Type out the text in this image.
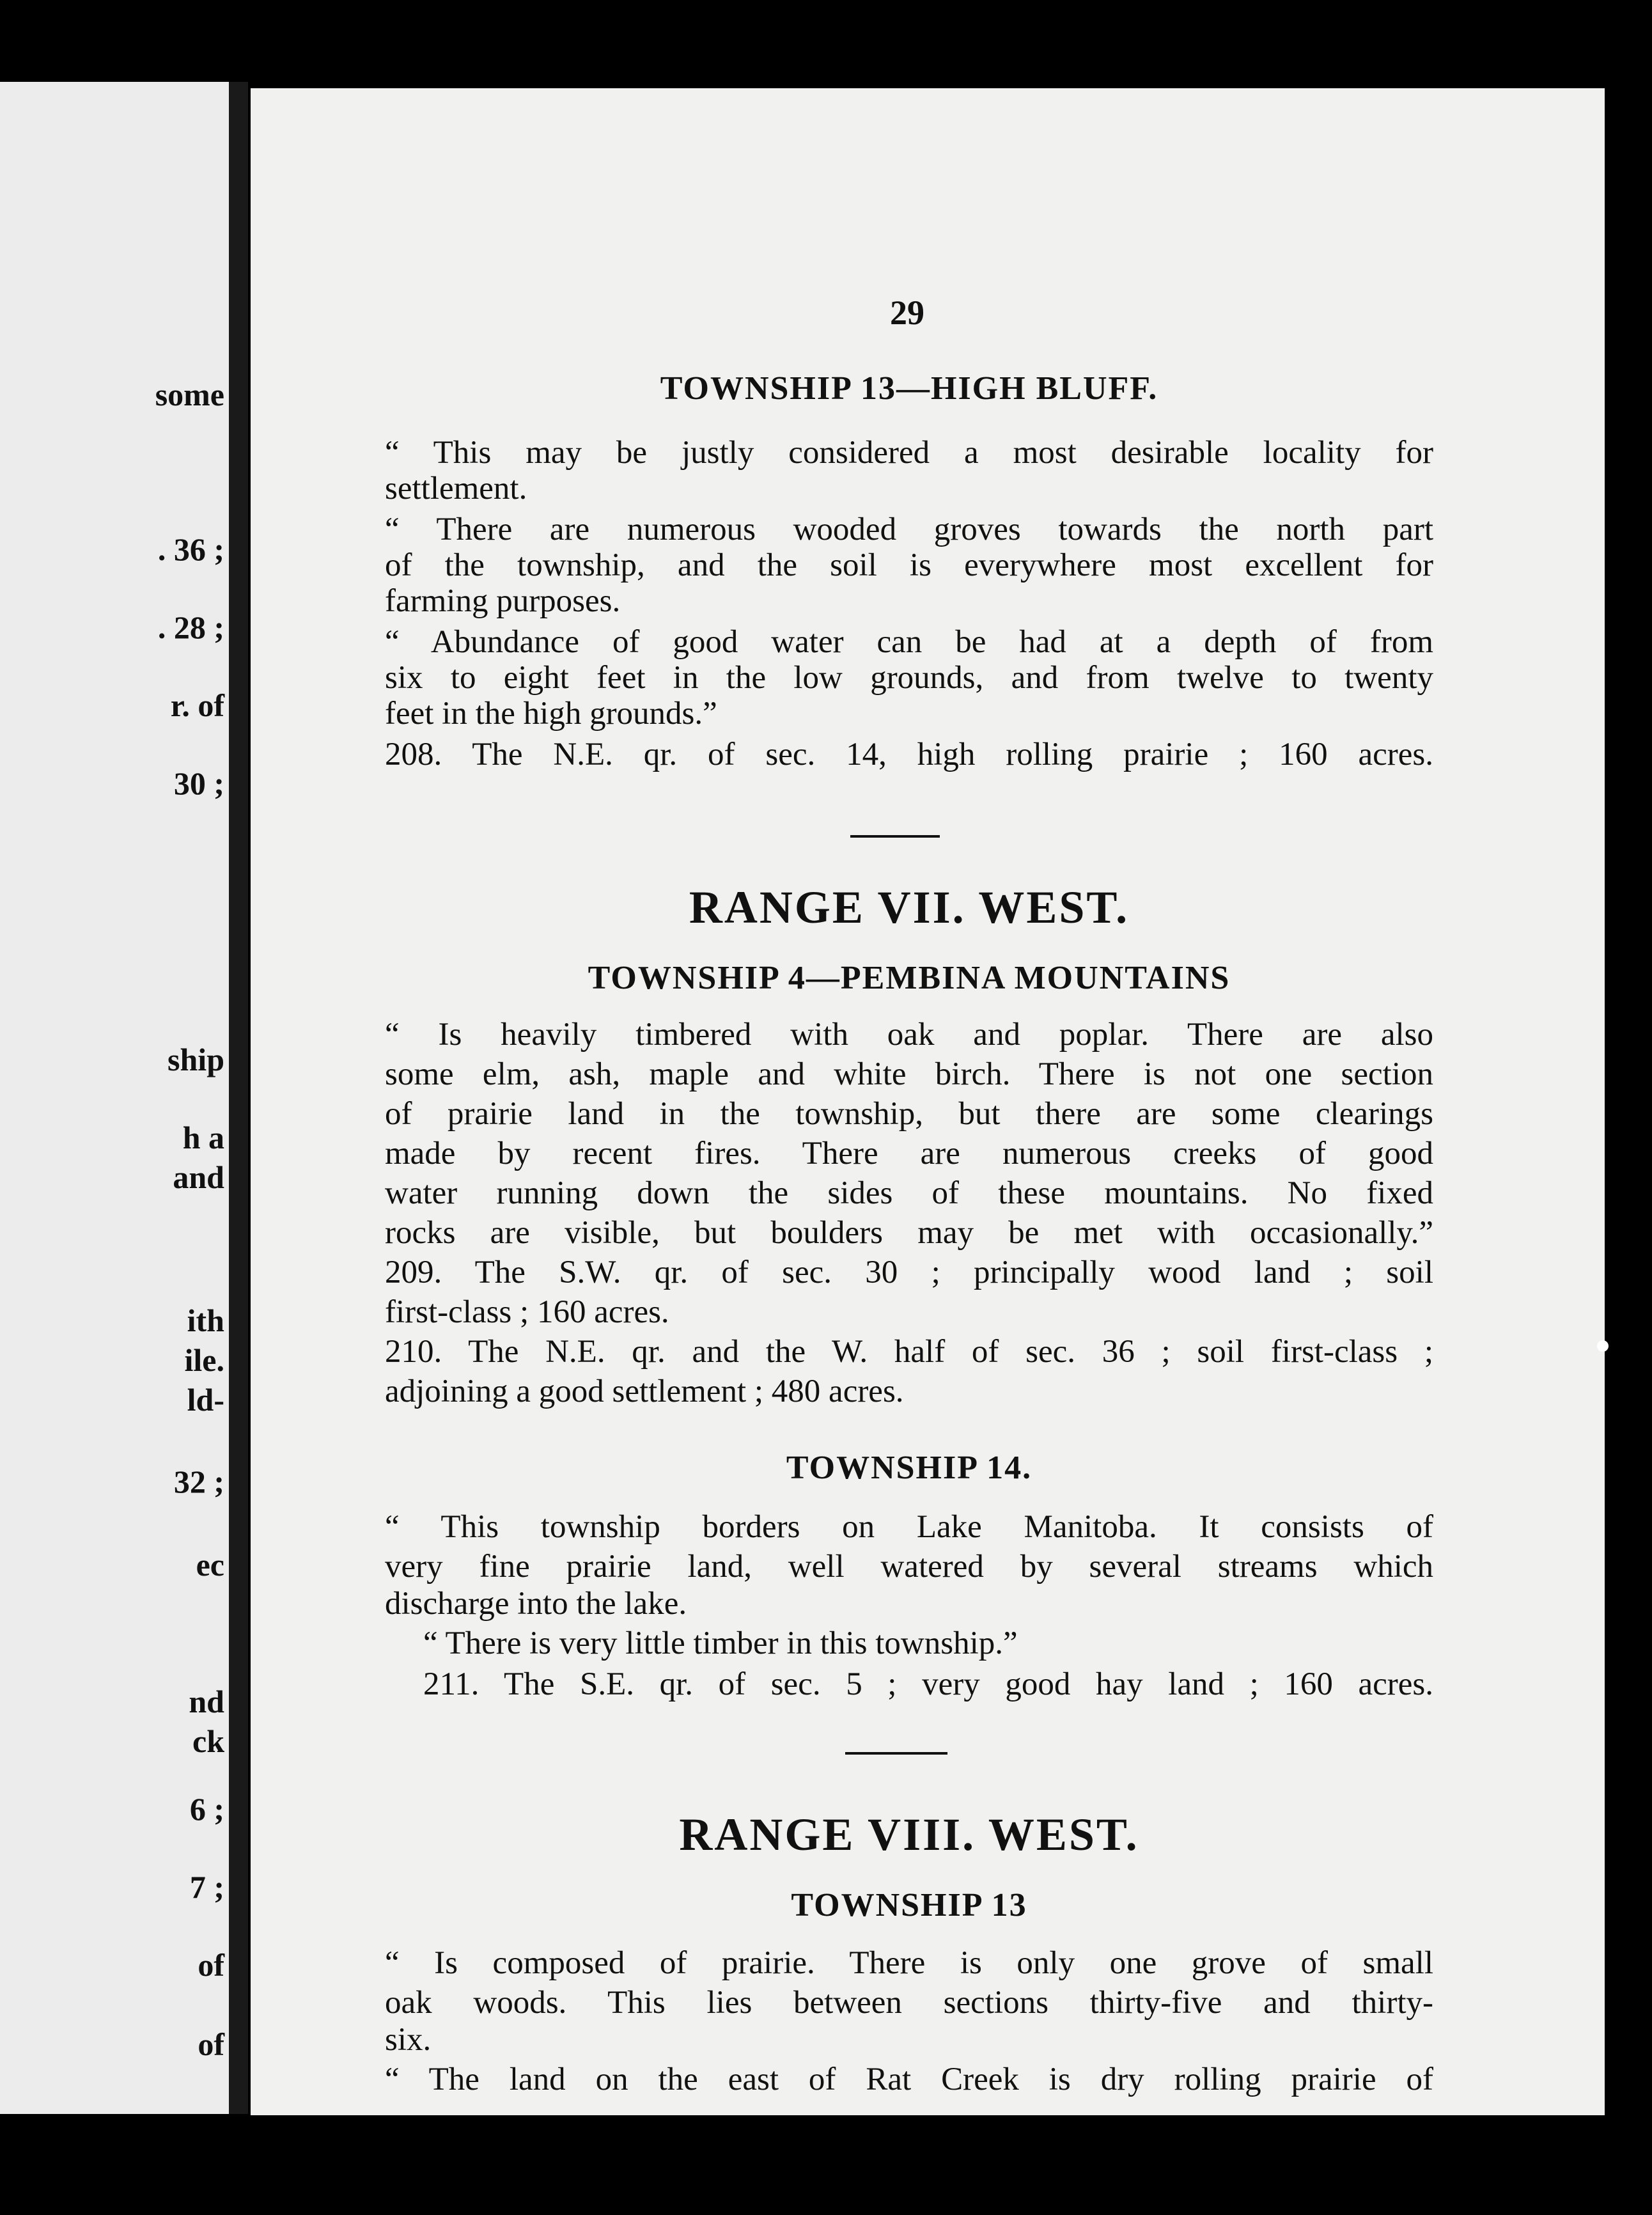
some
. 36 ;
. 28 ;
r. of
30 ;
ship
h a
and
ith
ile.
ld-
32 ;
ec
nd
ck
6 ;
7 ;
of
of
29
TOWNSHIP 13—HIGH BLUFF.
“ This may be justly considered a most desirable locality for
settlement.
“ There are numerous wooded groves towards the north part
of the township, and the soil is everywhere most excellent for
farming purposes.
“ Abundance of good water can be had at a depth of from
six to eight feet in the low grounds, and from twelve to twenty
feet in the high grounds.”
208. The N.E. qr. of sec. 14, high rolling prairie ; 160 acres.
RANGE VII. WEST.
TOWNSHIP 4—PEMBINA MOUNTAINS
“ Is heavily timbered with oak and poplar. There are also
some elm, ash, maple and white birch. There is not one section
of prairie land in the township, but there are some clearings
made by recent fires. There are numerous creeks of good
water running down the sides of these mountains. No fixed
rocks are visible, but boulders may be met with occasionally.”
209. The S.W. qr. of sec. 30 ; principally wood land ; soil
first-class ; 160 acres.
210. The N.E. qr. and the W. half of sec. 36 ; soil first-class ;
adjoining a good settlement ; 480 acres.
TOWNSHIP 14.
“ This township borders on Lake Manitoba. It consists of
very fine prairie land, well watered by several streams which
discharge into the lake.
“ There is very little timber in this township.”
211. The S.E. qr. of sec. 5 ; very good hay land ; 160 acres.
RANGE VIII. WEST.
TOWNSHIP 13
“ Is composed of prairie. There is only one grove of small
oak woods. This lies between sections thirty-five and thirty-
six.
“ The land on the east of Rat Creek is dry rolling prairie of
